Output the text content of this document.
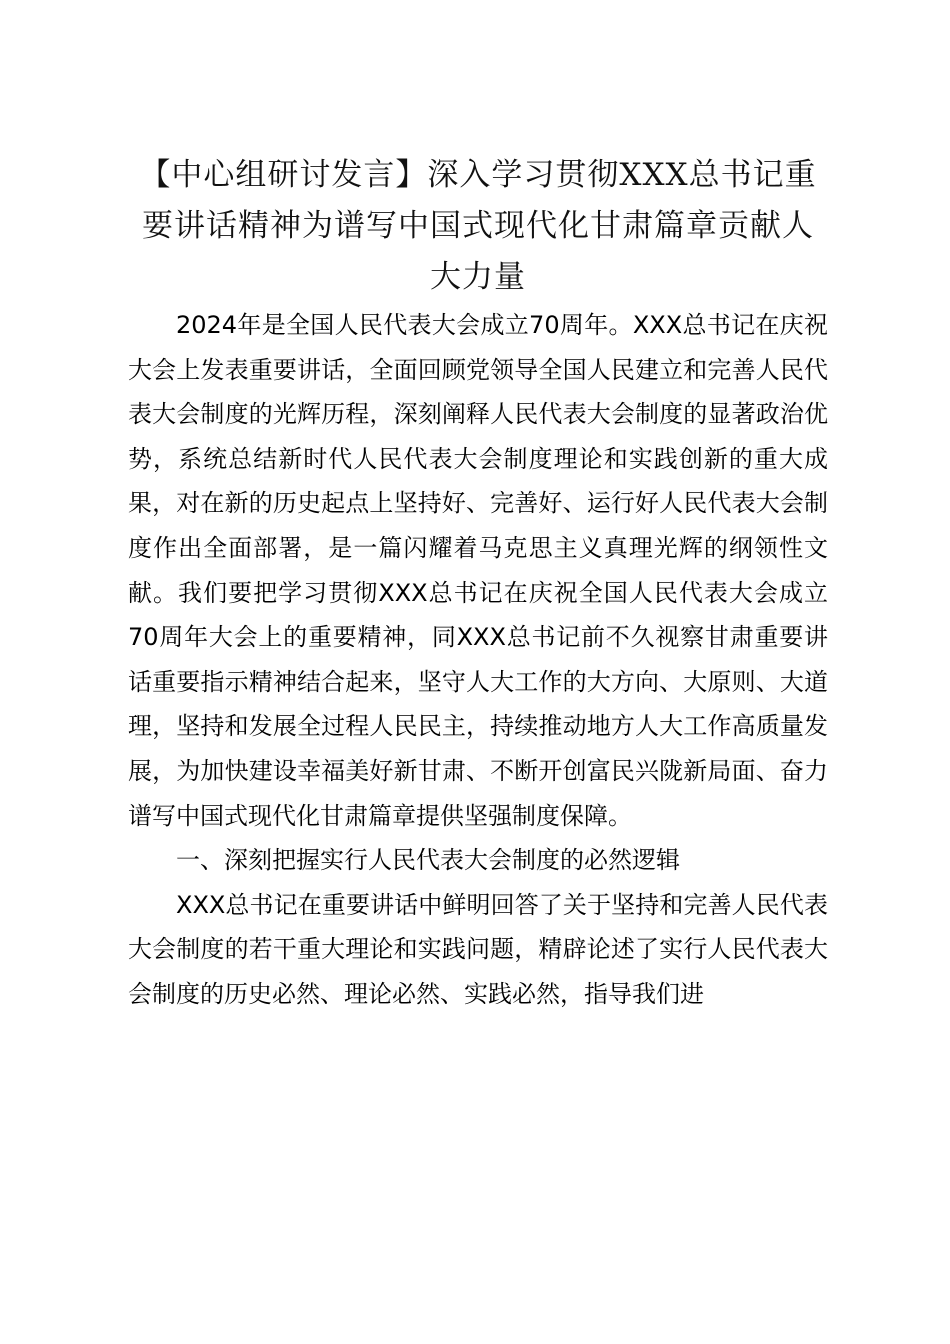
【中心组研讨发言】深入学习贯彻XXX总书记重要讲话精神为谱写中国式现代化甘肃篇章贡献人大力量

2024年是全国人民代表大会成立70周年。XXX总书记在庆祝大会上发表重要讲话，全面回顾党领导全国人民建立和完善人民代表大会制度的光辉历程，深刻阐释人民代表大会制度的显著政治优势，系统总结新时代人民代表大会制度理论和实践创新的重大成果，对在新的历史起点上坚持好、完善好、运行好人民代表大会制度作出全面部署，是一篇闪耀着马克思主义真理光辉的纲领性文献。我们要把学习贯彻XXX总书记在庆祝全国人民代表大会成立70周年大会上的重要精神，同XXX总书记前不久视察甘肃重要讲话重要指示精神结合起来，坚守人大工作的大方向、大原则、大道理，坚持和发展全过程人民民主，持续推动地方人大工作高质量发展，为加快建设幸福美好新甘肃、不断开创富民兴陇新局面、奋力谱写中国式现代化甘肃篇章提供坚强制度保障。

一、深刻把握实行人民代表大会制度的必然逻辑

XXX总书记在重要讲话中鲜明回答了关于坚持和完善人民代表大会制度的若干重大理论和实践问题，精辟论述了实行人民代表大会制度的历史必然、理论必然、实践必然，指导我们进
